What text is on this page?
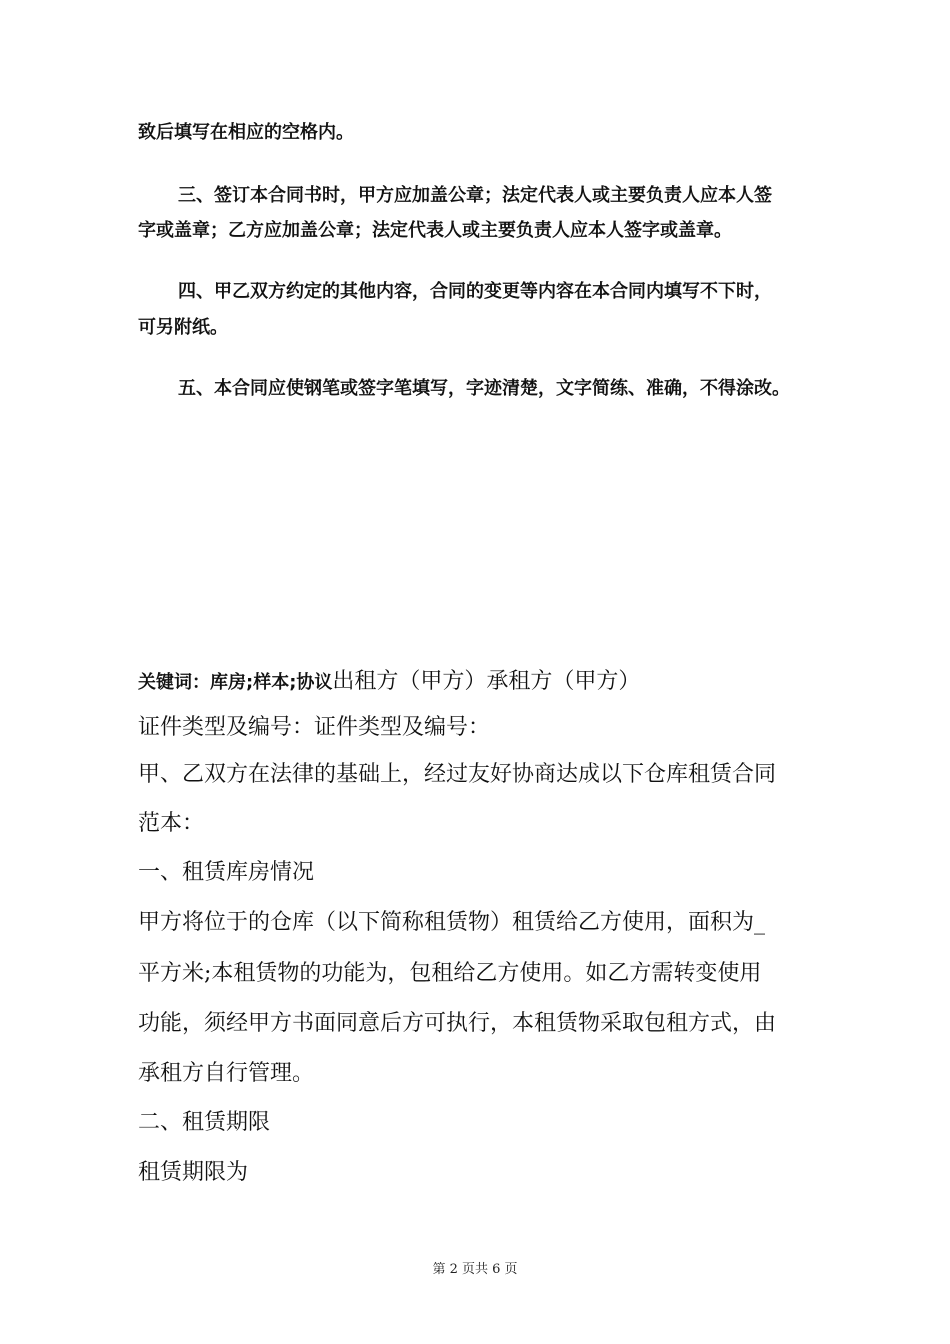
致后填写在相应的空格内。
三、签订本合同书时，甲方应加盖公章；法定代表人或主要负责人应本人签
字或盖章；乙方应加盖公章；法定代表人或主要负责人应本人签字或盖章。
四、甲乙双方约定的其他内容，合同的变更等内容在本合同内填写不下时，
可另附纸。
五、本合同应使钢笔或签字笔填写，字迹清楚，文字简练、准确，不得涂改。
关键词：库房;样本;协议出租方（甲方）承租方（甲方）
证件类型及编号：证件类型及编号：
甲、乙双方在法律的基础上，经过友好协商达成以下仓库租赁合同
范本：
一、租赁库房情况
甲方将位于的仓库（以下简称租赁物）租赁给乙方使用，面积为_
平方米;本租赁物的功能为，包租给乙方使用。如乙方需转变使用
功能，须经甲方书面同意后方可执行，本租赁物采取包租方式，由
承租方自行管理。
二、租赁期限
租赁期限为
第 2 页共 6 页
